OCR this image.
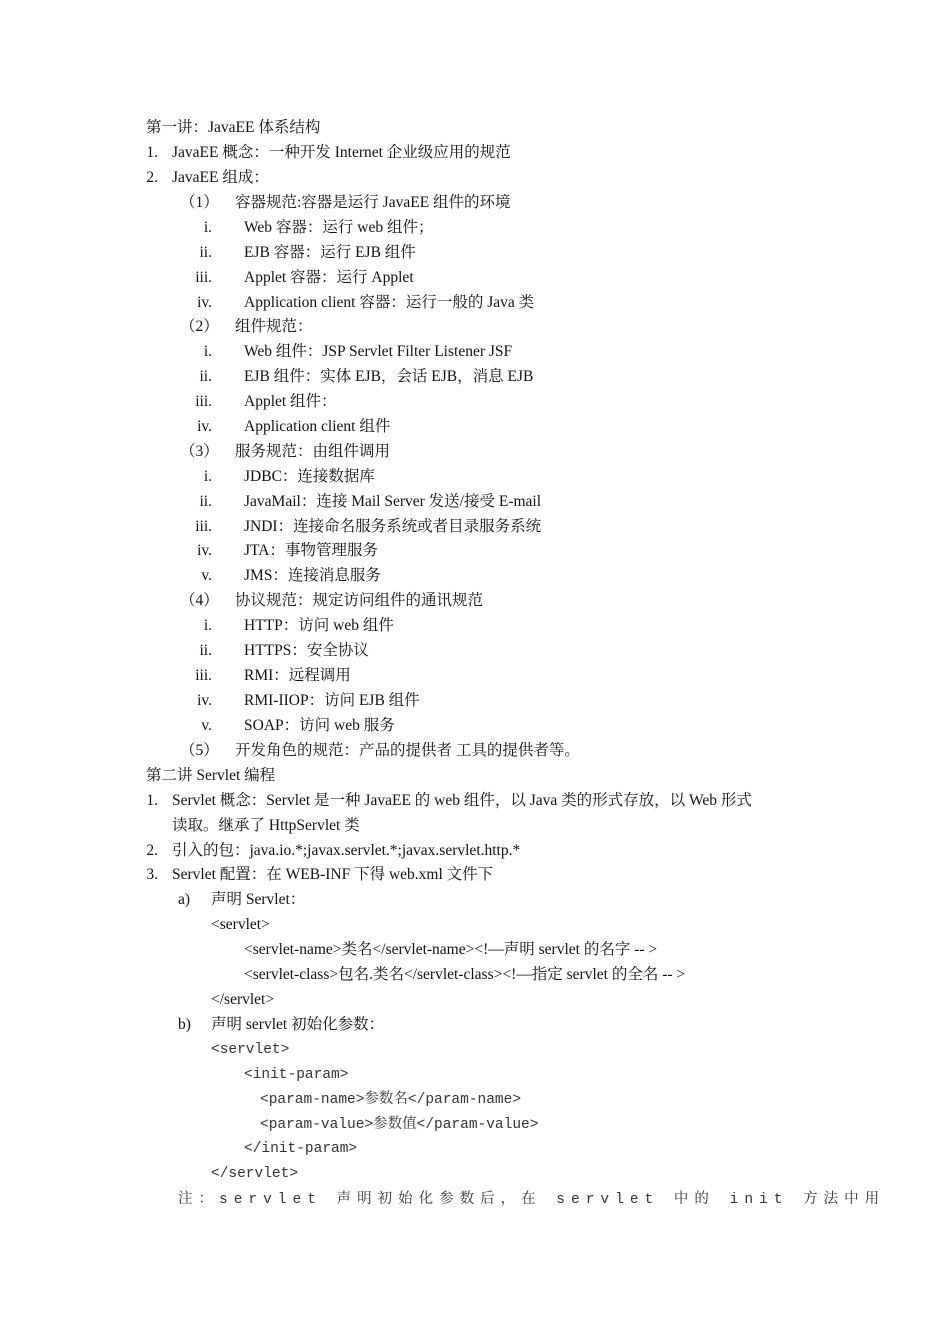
第一讲：JavaEE 体系结构
1. JavaEE 概念：一种开发 Internet 企业级应用的规范
2. JavaEE 组成：
（1） 容器规范:容器是运行 JavaEE 组件的环境
i. Web 容器：运行 web 组件；
ii. EJB 容器：运行 EJB 组件
iii. Applet 容器：运行 Applet
iv. Application client 容器：运行一般的 Java 类
（2） 组件规范：
i. Web 组件：JSP Servlet Filter Listener JSF
ii. EJB 组件：实体 EJB，会话 EJB，消息 EJB
iii. Applet 组件：
iv. Application client 组件
（3） 服务规范：由组件调用
i. JDBC：连接数据库
ii. JavaMail：连接 Mail Server 发送/接受 E-mail
iii. JNDI：连接命名服务系统或者目录服务系统
iv. JTA：事物管理服务
v. JMS：连接消息服务
（4） 协议规范：规定访问组件的通讯规范
i. HTTP：访问 web 组件
ii. HTTPS：安全协议
iii. RMI：远程调用
iv. RMI-IIOP：访问 EJB 组件
v. SOAP：访问 web 服务
（5） 开发角色的规范：产品的提供者 工具的提供者等。
第二讲 Servlet 编程
1. Servlet 概念：Servlet 是一种 JavaEE 的 web 组件，以 Java 类的形式存放，以 Web 形式
读取。继承了 HttpServlet 类
2. 引入的包：java.io.*;javax.servlet.*;javax.servlet.http.*
3. Servlet 配置：在 WEB-INF 下得 web.xml 文件下
a) 声明 Servlet：
<servlet>
<servlet-name>类名</servlet-name><!—声明 servlet 的名字 -- >
<servlet-class>包名.类名</servlet-class><!—指定 servlet 的全名 -- >
</servlet>
b) 声明 servlet 初始化参数：
<servlet>
<init-param>
<param-name>参数名</param-name>
<param-value>参数值</param-value>
</init-param>
</servlet>
注：servlet 声明初始化参数后，在 servlet 中的 init 方法中用
